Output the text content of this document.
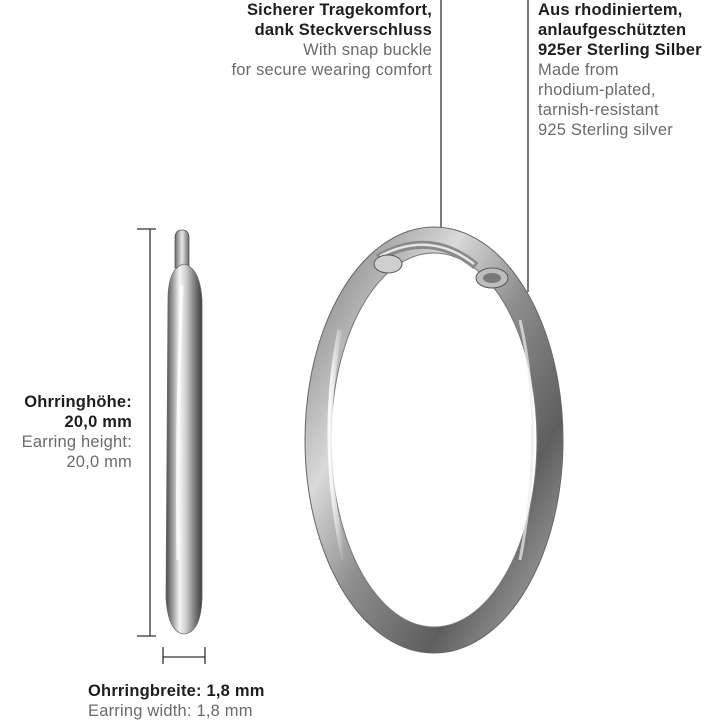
Sicherer Tragekomfort,
dank Steckverschluss
With snap buckle
for secure wearing comfort
Aus rhodiniertem,
anlaufgeschützten
925er Sterling Silber
Made from
rhodium-plated,
tarnish-resistant
925 Sterling silver
Ohrringhöhe:
20,0 mm
Earring height:
20,0 mm
Ohrringbreite: 1,8 mm
Earring width: 1,8 mm
